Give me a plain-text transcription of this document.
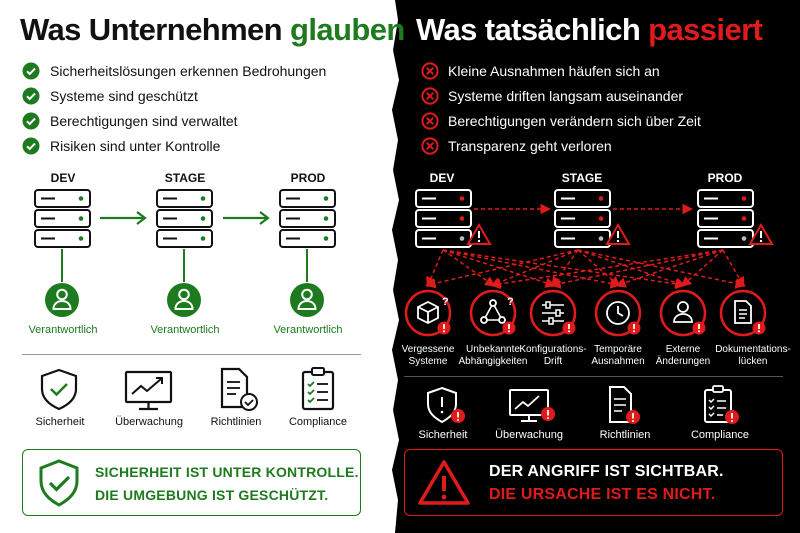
Was Unternehmen glauben
Sicherheitslösungen erkennen Bedrohungen
Systeme sind geschützt
Berechtigungen sind verwaltet
Risiken sind unter Kontrolle
DEV	STAGE	PROD
Verantwortlich	Verantwortlich	Verantwortlich
Sicherheit	Überwachung	Richtlinien	Compliance
SICHERHEIT IST UNTER KONTROLLE.
DIE UMGEBUNG IST GESCHÜTZT.
Was tatsächlich passiert
Kleine Ausnahmen häufen sich an
Systeme driften langsam auseinander
Berechtigungen verändern sich über Zeit
Transparenz geht verloren
DEV	STAGE	PROD
?	?
Vergessene
Systeme
Unbekannte
Abhängigkeiten
Konfigurations-
Drift
Temporäre
Ausnahmen
Externe
Änderungen
Dokumentations-
lücken
Sicherheit	Überwachung	Richtlinien	Compliance
DER ANGRIFF IST SICHTBAR.
DIE URSACHE IST ES NICHT.
